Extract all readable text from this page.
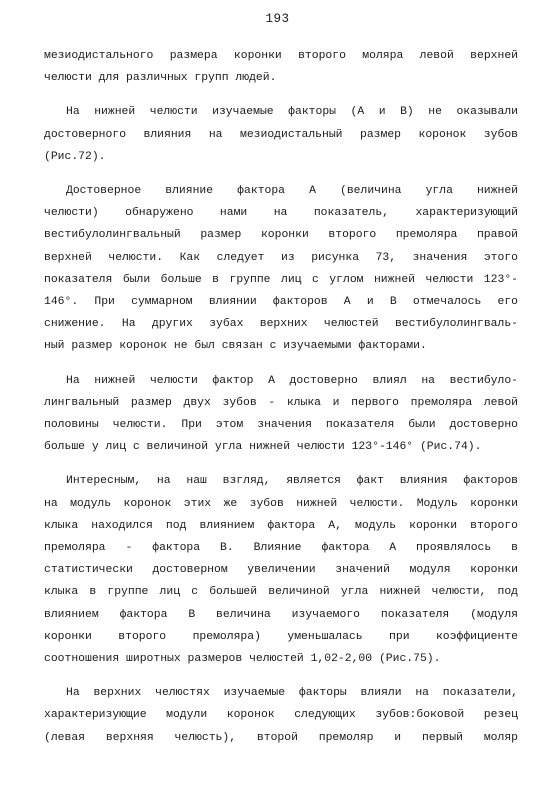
193

мезиодистального размера коронки второго моляра левой верхней
челюсти для различных групп людей.

На нижней челюсти изучаемые факторы (А и В) не оказывали
достоверного влияния на мезиодистальный размер коронок зубов
(Рис.72).

Достоверное влияние фактора А (величина угла нижней
челюсти) обнаружено нами на показатель, характеризующий
вестибулолингвальный размер коронки второго премоляра правой
верхней челюсти. Как следует из рисунка 73, значения этого
показателя были больше в группе лиц с углом нижней челюсти 123°-
146°. При суммарном влиянии факторов А и В отмечалось его
снижение. На других зубах верхних челюстей вестибулолингваль-
ный размер коронок не был связан с изучаемыми факторами.

На нижней челюсти фактор А достоверно влиял на вестибуло-
лингвальный размер двух зубов - клыка и первого премоляра левой
половины челюсти. При этом значения показателя были достоверно
больше у лиц с величиной угла нижней челюсти 123°-146° (Рис.74).

Интересным, на наш взгляд, является факт влияния факторов
на модуль коронок этих же зубов нижней челюсти. Модуль коронки
клыка находился под влиянием фактора А, модуль коронки второго
премоляра - фактора В. Влияние фактора А проявлялось в
статистически достоверном увеличении значений модуля коронки
клыка в группе лиц с большей величиной угла нижней челюсти, под
влиянием фактора В величина изучаемого показателя (модуля
коронки второго премоляра) уменьшалась при коэффициенте
соотношения широтных размеров челюстей 1,02-2,00 (Рис.75).

На верхних челюстях изучаемые факторы влияли на показатели,
характеризующие модули коронок следующих зубов:боковой резец
(левая верхняя челюсть), второй премоляр и первый моляр
